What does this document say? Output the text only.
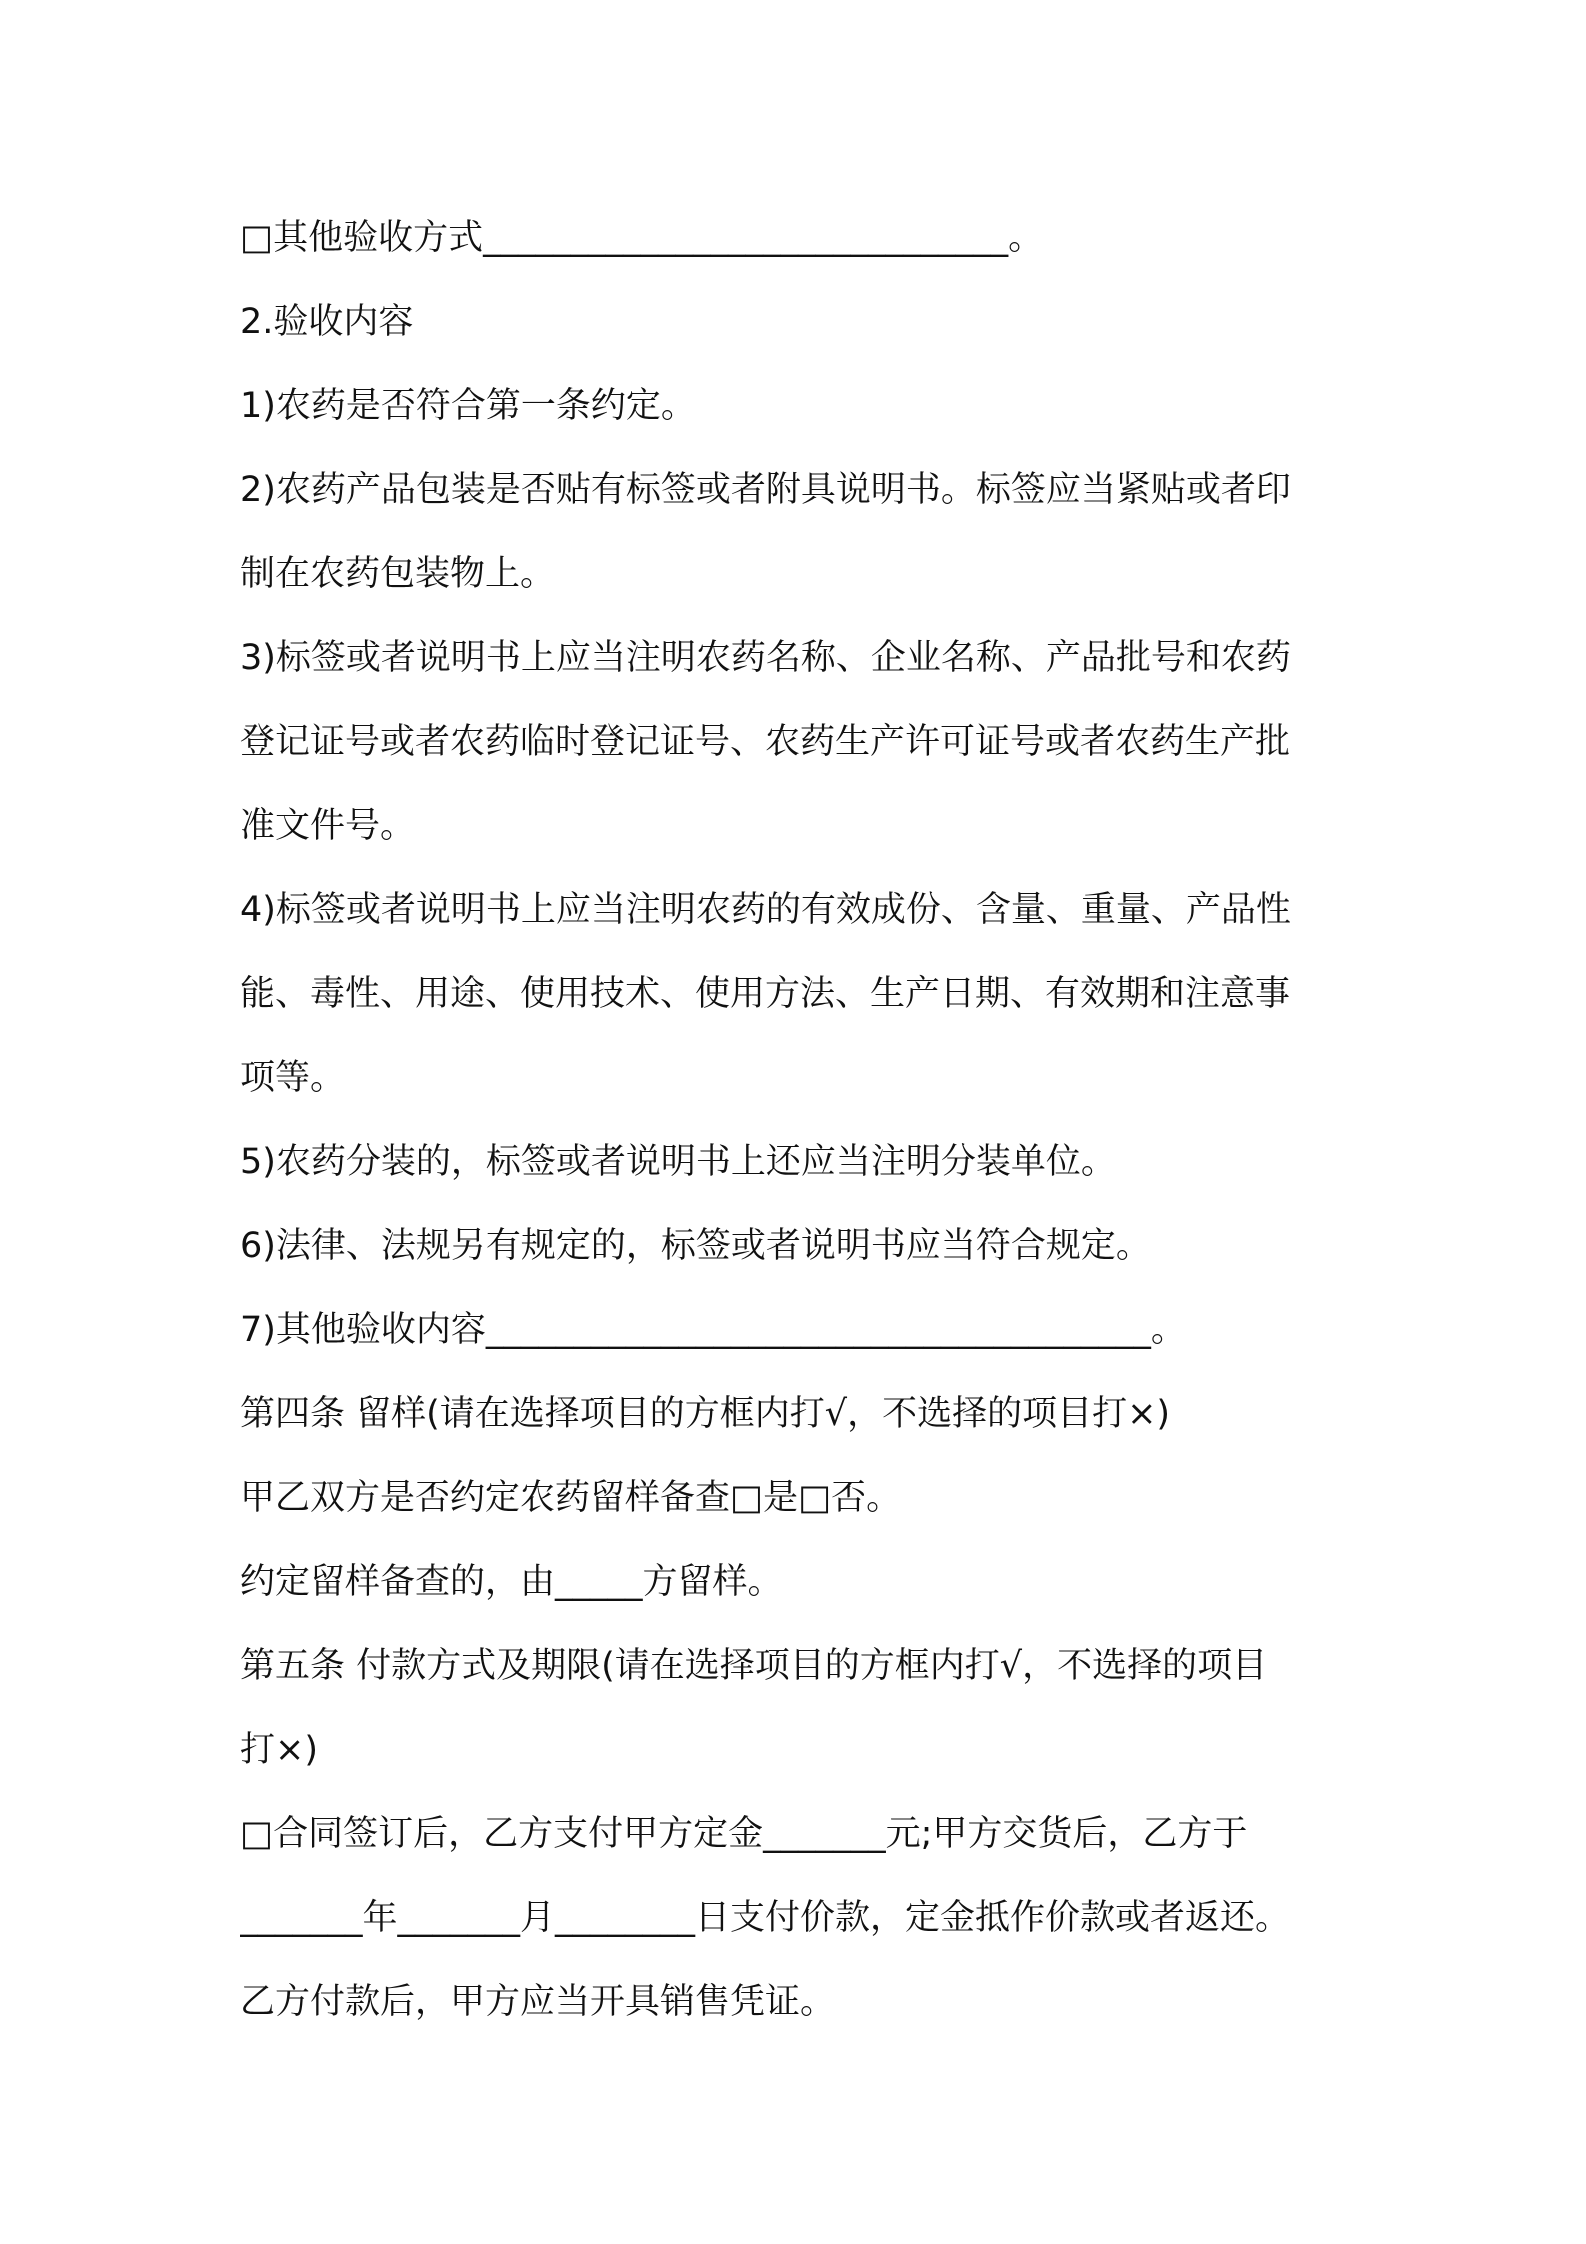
□其他验收方式______________________________。
2.验收内容
1)农药是否符合第一条约定。
2)农药产品包装是否贴有标签或者附具说明书。标签应当紧贴或者印
制在农药包装物上。
3)标签或者说明书上应当注明农药名称、企业名称、产品批号和农药
登记证号或者农药临时登记证号、农药生产许可证号或者农药生产批
准文件号。
4)标签或者说明书上应当注明农药的有效成份、含量、重量、产品性
能、毒性、用途、使用技术、使用方法、生产日期、有效期和注意事
项等。
5)农药分装的，标签或者说明书上还应当注明分装单位。
6)法律、法规另有规定的，标签或者说明书应当符合规定。
7)其他验收内容______________________________________。
第四条 留样(请在选择项目的方框内打√，不选择的项目打×)
甲乙双方是否约定农药留样备查□是□否。
约定留样备查的，由_____方留样。
第五条 付款方式及期限(请在选择项目的方框内打√，不选择的项目
打×)
□合同签订后，乙方支付甲方定金_______元;甲方交货后，乙方于
_______年_______月________日支付价款，定金抵作价款或者返还。
乙方付款后，甲方应当开具销售凭证。
